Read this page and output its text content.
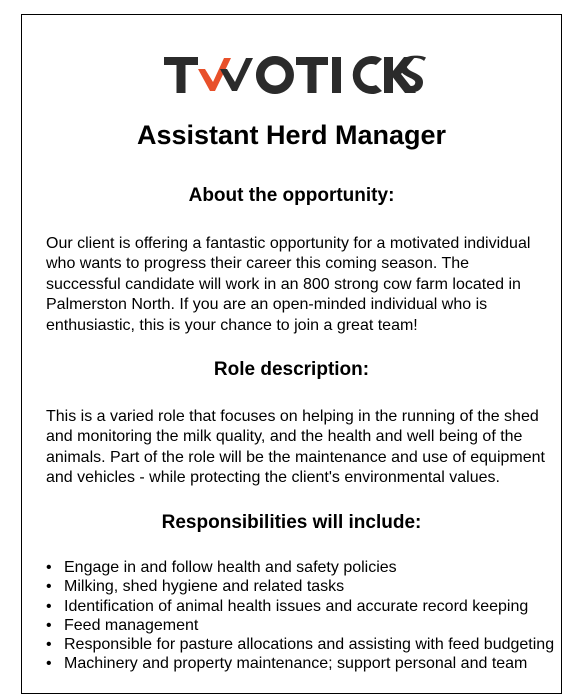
Assistant Herd Manager
About the opportunity:

Our client is offering a fantastic opportunity for a motivated individual who wants to progress their career this coming season. The successful candidate will work in an 800 strong cow farm located in Palmerston North. If you are an open-minded individual who is enthusiastic, this is your chance to join a great team!

Role description:

This is a varied role that focuses on helping in the running of the shed and monitoring the milk quality, and the health and well being of the animals. Part of the role will be the maintenance and use of equipment and vehicles - while protecting the client's environmental values.

Responsibilities will include:
• Engage in and follow health and safety policies
• Milking, shed hygiene and related tasks
• Identification of animal health issues and accurate record keeping
• Feed management
• Responsible for pasture allocations and assisting with feed budgeting
• Machinery and property maintenance; support personal and team
